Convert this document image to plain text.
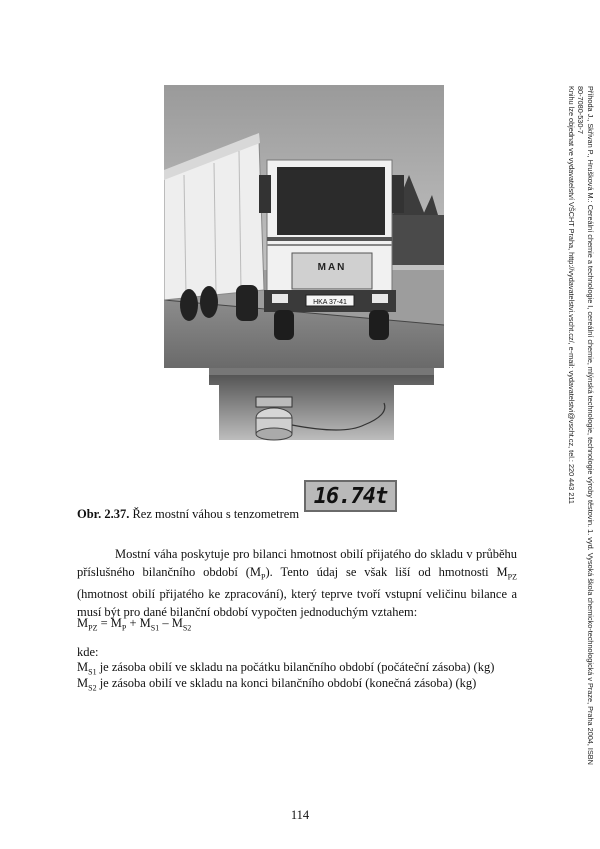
MAN
HKA 37-41
16.74t
Obr. 2.37. Řez mostní váhou s tenzometrem
Mostní váha poskytuje pro bilanci hmotnost obilí přijatého do skladu v průběhu příslušného bilančního období $(M_P)$. Tento údaj se však liší od hmotnosti $M_{PZ}$ (hmotnost obilí přijatého ke zpracování), který teprve tvoří vstupní veličinu bilance a musí být pro dané bilanční období vypočten jednoduchým vztahem:
$M_{PZ} = M_P + M_{S1} - M_{S2}$
kde:
$M_{S1}$ je zásoba obilí ve skladu na počátku bilančního období (počáteční zásoba) (kg)
$M_{S2}$ je zásoba obilí ve skladu na konci bilančního období (konečná zásoba) (kg)
114
Příhoda J., Skřivan P., Hrušková M.: Cereální chemie a technologie I, cereální chemie, mlýnská technologie, technologie výroby těstovin. 1. vyd. Vysoká škola chemicko-technologická v Praze, Praha 2004, ISBN
80-7080-530-7
Knihu lze objednat ve vydavatelství VŠCHT Praha, http://vydavatelstvi.vscht.cz/, e-mail: vydavatelstvi@vscht.cz, tel.: 220 443 211
